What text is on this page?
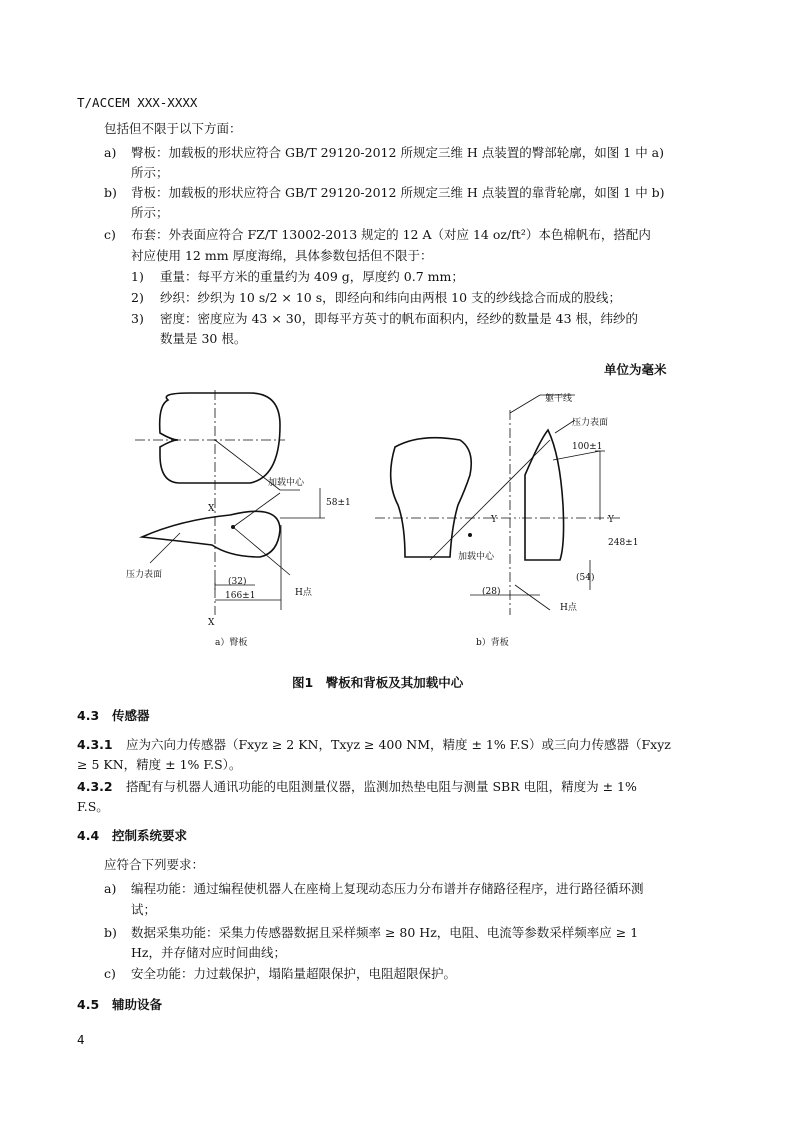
T/ACCEM XXX-XXXX
包括但不限于以下方面：
a) 臀板：加载板的形状应符合 GB/T 29120-2012 所规定三维 H 点装置的臀部轮廓，如图 1 中 a)
所示；
b) 背板：加载板的形状应符合 GB/T 29120-2012 所规定三维 H 点装置的靠背轮廓，如图 1 中 b)
所示；
c) 布套：外表面应符合 FZ/T 13002-2013 规定的 12 A（对应 14 oz/ft²）本色棉帆布，搭配内
衬应使用 12 mm 厚度海绵，具体参数包括但不限于：
1) 重量：每平方米的重量约为 409 g，厚度约 0.7 mm；
2) 纱织：纱织为 10 s/2 × 10 s，即经向和纬向由两根 10 支的纱线捻合而成的股线；
3) 密度：密度应为 43 × 30，即每平方英寸的帆布面积内，经纱的数量是 43 根，纬纱的
数量是 30 根。
单位为毫米
加载中心
压力表面
H点
X
X
58±1
(32)
166±1
a）臀板
躯干线
压力表面
加载中心
H点
Y	Y
100±1
248±1
(54)
(28)
b）背板
图1　臀板和背板及其加载中心
4.3 传感器
4.3.1 应为六向力传感器（Fxyz ≥ 2 KN，Txyz ≥ 400 NM，精度 ± 1% F.S）或三向力传感器（Fxyz
≥ 5 KN，精度 ± 1% F.S）。
4.3.2 搭配有与机器人通讯功能的电阻测量仪器，监测加热垫电阻与测量 SBR 电阻，精度为 ± 1%
F.S。
4.4 控制系统要求
应符合下列要求：
a) 编程功能：通过编程使机器人在座椅上复现动态压力分布谱并存储路径程序，进行路径循环测
试；
b) 数据采集功能：采集力传感器数据且采样频率 ≥ 80 Hz，电阻、电流等参数采样频率应 ≥ 1
Hz，并存储对应时间曲线；
c) 安全功能：力过载保护，塌陷量超限保护，电阻超限保护。
4.5 辅助设备
4
